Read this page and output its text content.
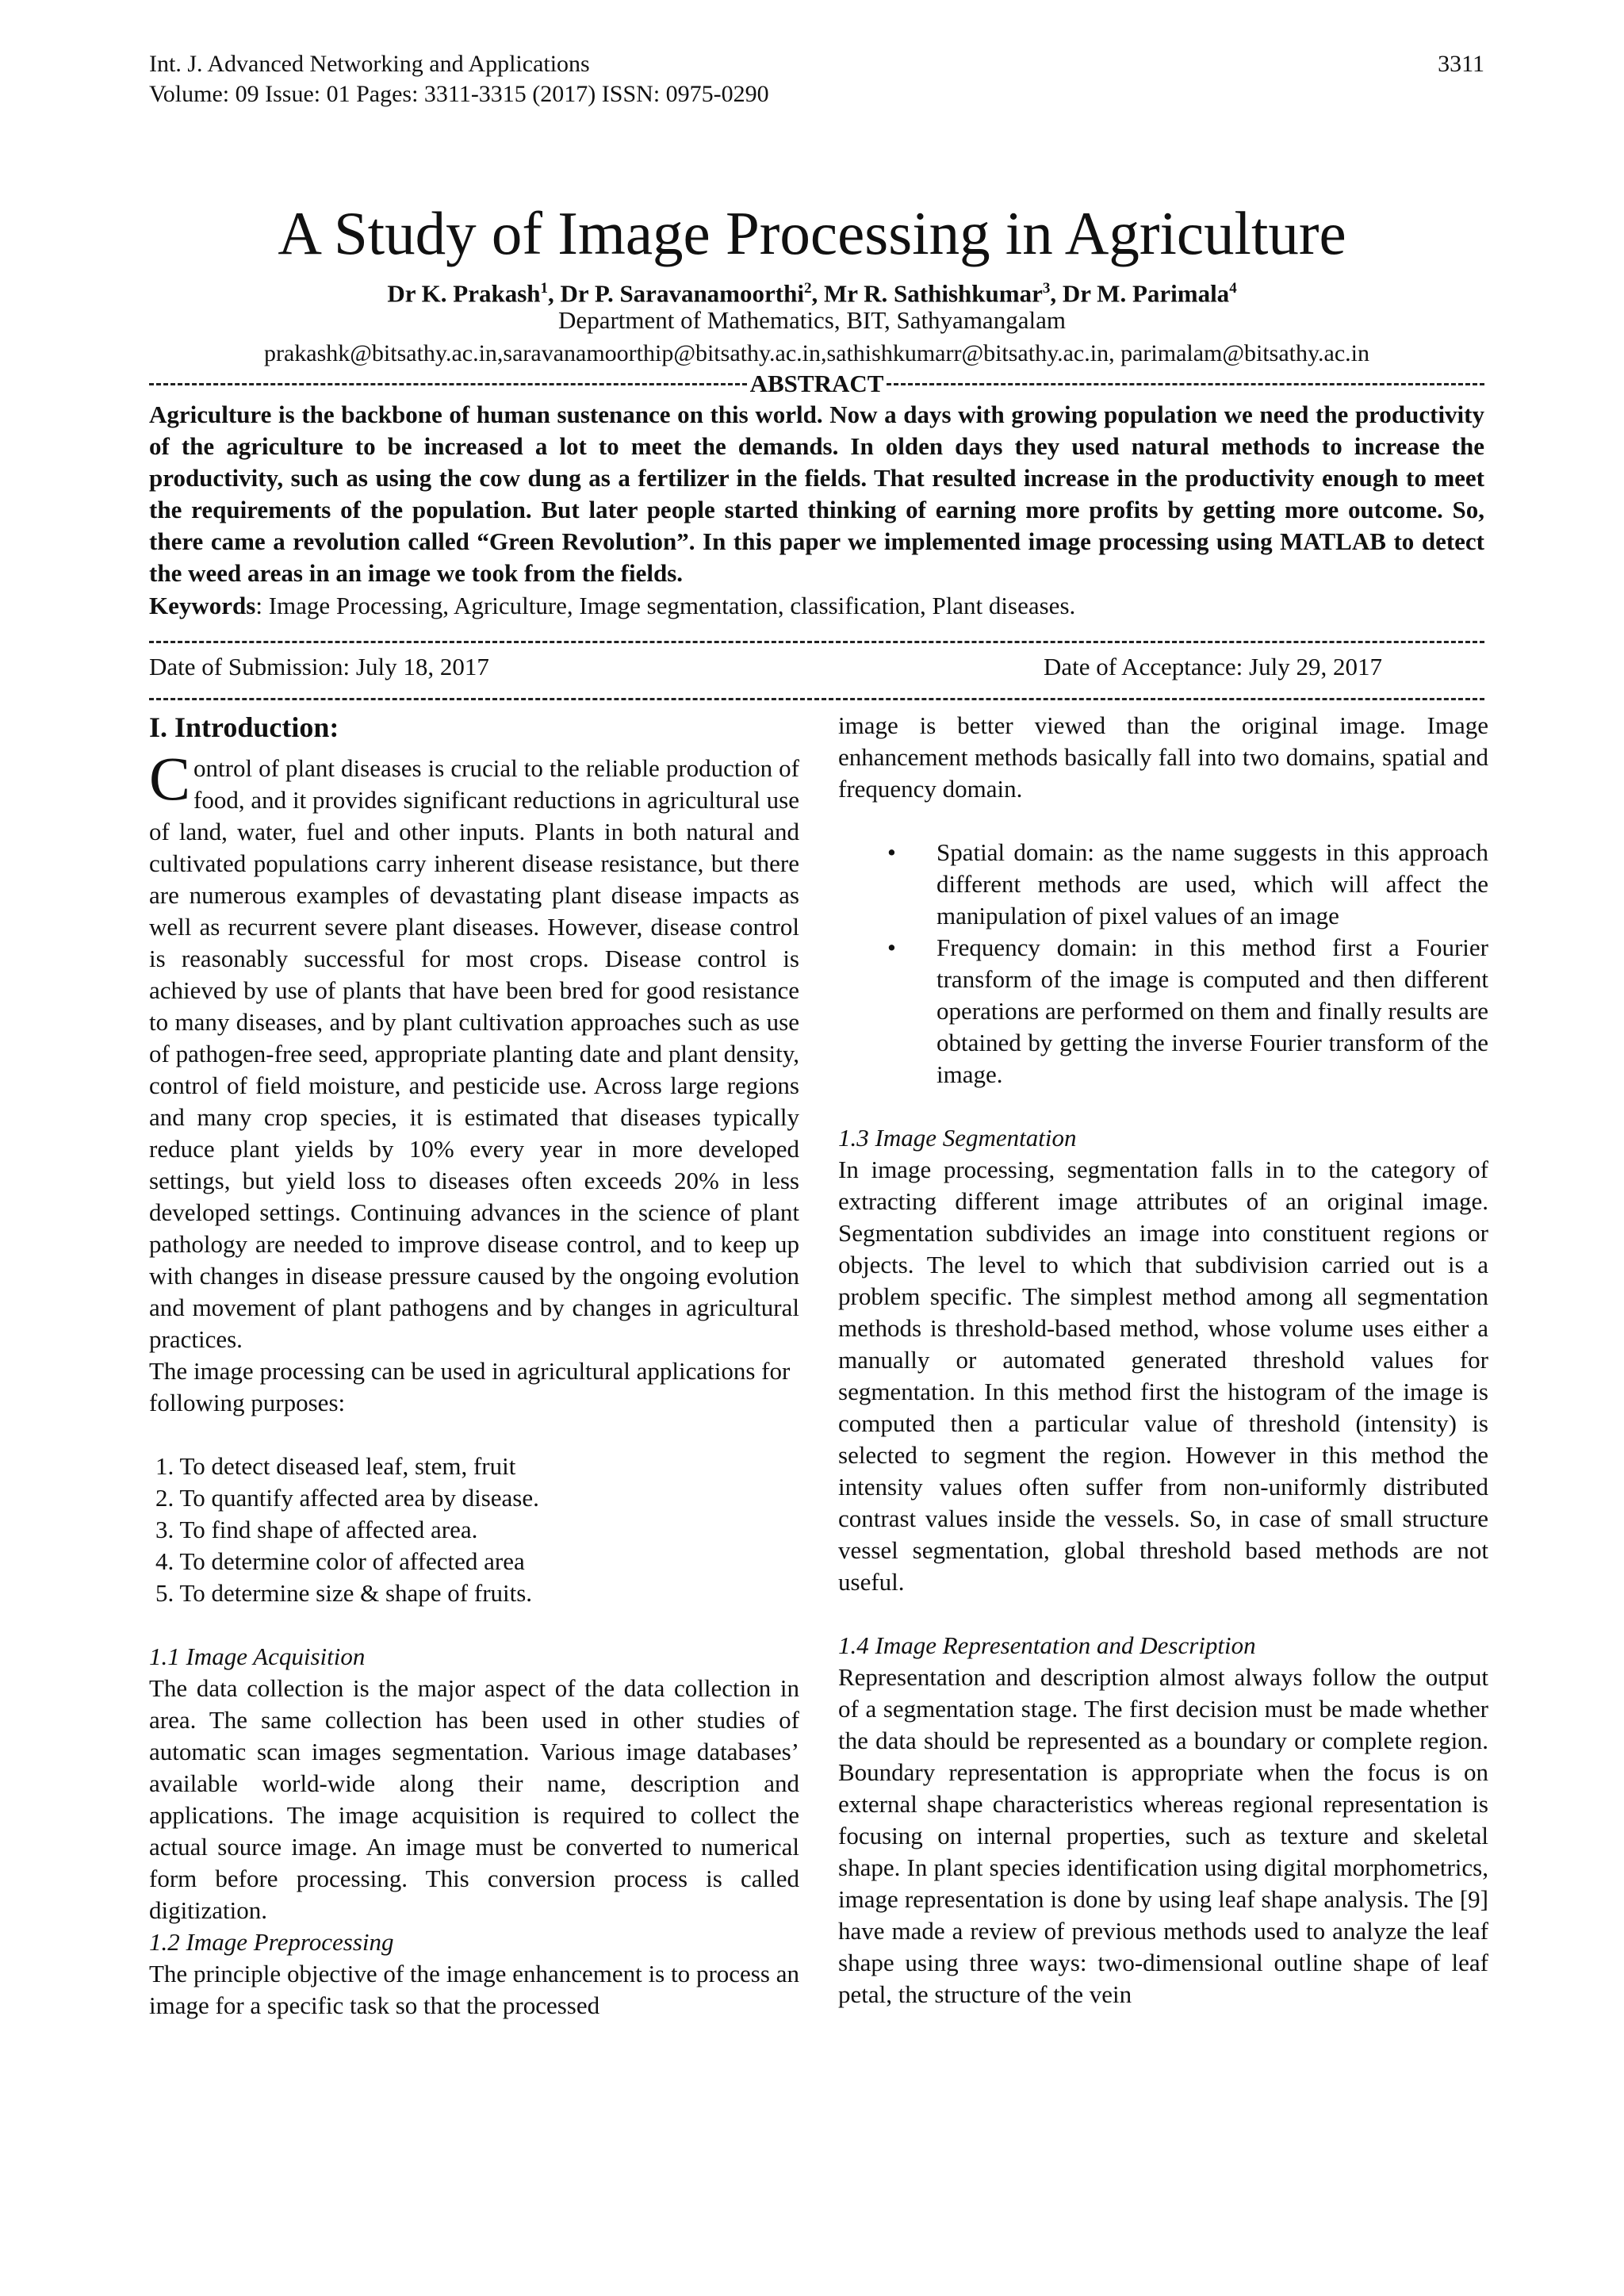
Int. J. Advanced Networking and Applications
Volume: 09 Issue: 01 Pages: 3311-3315 (2017) ISSN: 0975-0290
3311
A Study of Image Processing in Agriculture
Dr K. Prakash$^1$, Dr P. Saravanamoorthi$^2$, Mr R. Sathishkumar$^3$, Dr M. Parimala$^4$
Department of Mathematics, BIT, Sathyamangalam
prakashk@bitsathy.ac.in,saravanamoorthip@bitsathy.ac.in,sathishkumarr@bitsathy.ac.in, parimalam@bitsathy.ac.in
ABSTRACT
Agriculture is the backbone of human sustenance on this world. Now a days with growing population we need the productivity of the agriculture to be increased a lot to meet the demands. In olden days they used natural methods to increase the productivity, such as using the cow dung as a fertilizer in the fields. That resulted increase in the productivity enough to meet the requirements of the population. But later people started thinking of earning more profits by getting more outcome. So, there came a revolution called “Green Revolution”. In this paper we implemented image processing using MATLAB to detect the weed areas in an image we took from the fields.
Keywords: Image Processing, Agriculture, Image segmentation, classification, Plant diseases.
Date of Submission: July 18, 2017	Date of Acceptance: July 29, 2017
I. Introduction:

Control of plant diseases is crucial to the reliable production of food, and it provides significant reductions in agricultural use of land, water, fuel and other inputs. Plants in both natural and cultivated populations carry inherent disease resistance, but there are numerous examples of devastating plant disease impacts as well as recurrent severe plant diseases. However, disease control is reasonably successful for most crops. Disease control is achieved by use of plants that have been bred for good resistance to many diseases, and by plant cultivation approaches such as use of pathogen-free seed, appropriate planting date and plant density, control of field moisture, and pesticide use. Across large regions and many crop species, it is estimated that diseases typically reduce plant yields by 10% every year in more developed settings, but yield loss to diseases often exceeds 20% in less developed settings. Continuing advances in the science of plant pathology are needed to improve disease control, and to keep up with changes in disease pressure caused by the ongoing evolution and movement of plant pathogens and by changes in agricultural practices.

The image processing can be used in agricultural applications for following purposes:

1. To detect diseased leaf, stem, fruit
2. To quantify affected area by disease.
3. To find shape of affected area.
4. To determine color of affected area
5. To determine size & shape of fruits.

1.1 Image Acquisition

The data collection is the major aspect of the data collection in area. The same collection has been used in other studies of automatic scan images segmentation. Various image databases’ available world-wide along their name, description and applications. The image acquisition is required to collect the actual source image. An image must be converted to numerical form before processing. This conversion process is called digitization.

1.2 Image Preprocessing

The principle objective of the image enhancement is to process an image for a specific task so that the processed

image is better viewed than the original image. Image enhancement methods basically fall into two domains, spatial and frequency domain.

• Spatial domain: as the name suggests in this approach different methods are used, which will affect the manipulation of pixel values of an image
• Frequency domain: in this method first a Fourier transform of the image is computed and then different operations are performed on them and finally results are obtained by getting the inverse Fourier transform of the image.

1.3 Image Segmentation

In image processing, segmentation falls in to the category of extracting different image attributes of an original image. Segmentation subdivides an image into constituent regions or objects. The level to which that subdivision carried out is a problem specific. The simplest method among all segmentation methods is threshold-based method, whose volume uses either a manually or automated generated threshold values for segmentation. In this method first the histogram of the image is computed then a particular value of threshold (intensity) is selected to segment the region. However in this method the intensity values often suffer from non-uniformly distributed contrast values inside the vessels. So, in case of small structure vessel segmentation, global threshold based methods are not useful.

1.4 Image Representation and Description

Representation and description almost always follow the output of a segmentation stage. The first decision must be made whether the data should be represented as a boundary or complete region. Boundary representation is appropriate when the focus is on external shape characteristics whereas regional representation is focusing on internal properties, such as texture and skeletal shape. In plant species identification using digital morphometrics, image representation is done by using leaf shape analysis. The [9] have made a review of previous methods used to analyze the leaf shape using three ways: two-dimensional outline shape of leaf petal, the structure of the vein
